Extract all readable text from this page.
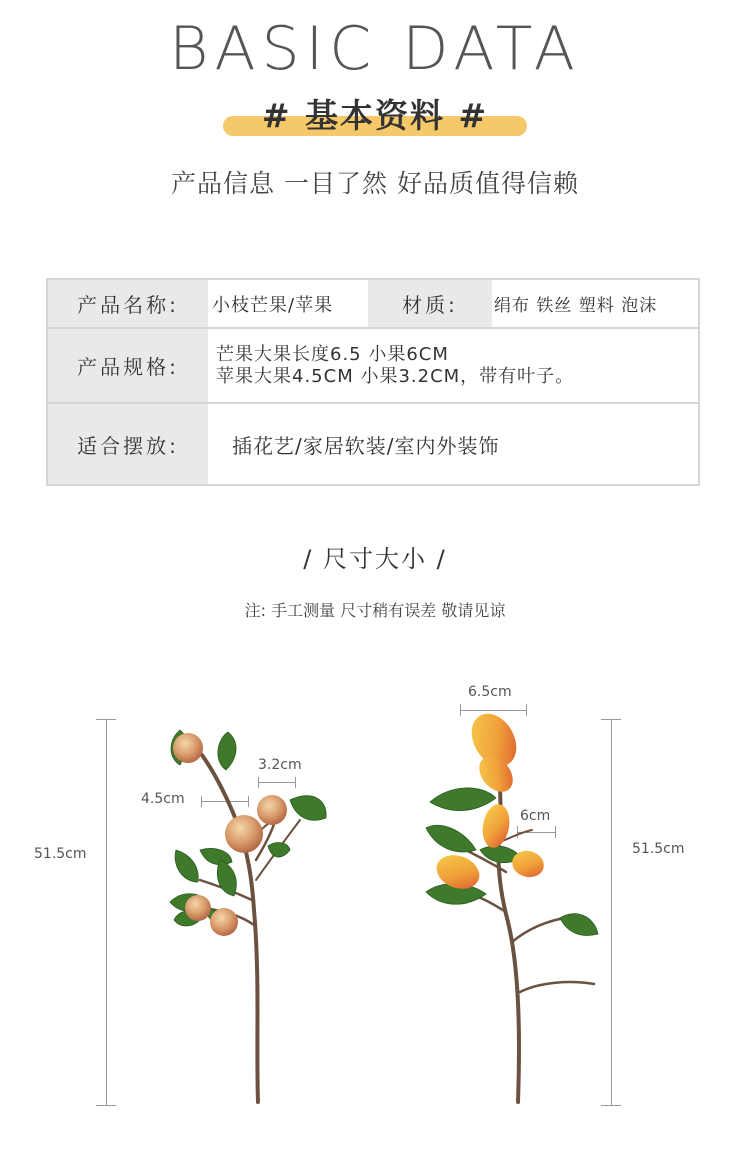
BASIC DATA
# 基本资料 #
产品信息 一目了然 好品质值得信赖
产品名称:	小枝芒果/苹果	材质:	绢布 铁丝 塑料 泡沫
产品规格:
芒果大果长度6.5 小果6CM
苹果大果4.5CM 小果3.2CM，带有叶子。
适合摆放:	插花艺/家居软装/室内外装饰
/ 尺寸大小 /
注: 手工测量 尺寸稍有误差 敬请见谅
51.5cm
4.5cm
3.2cm
51.5cm
6.5cm
6cm
